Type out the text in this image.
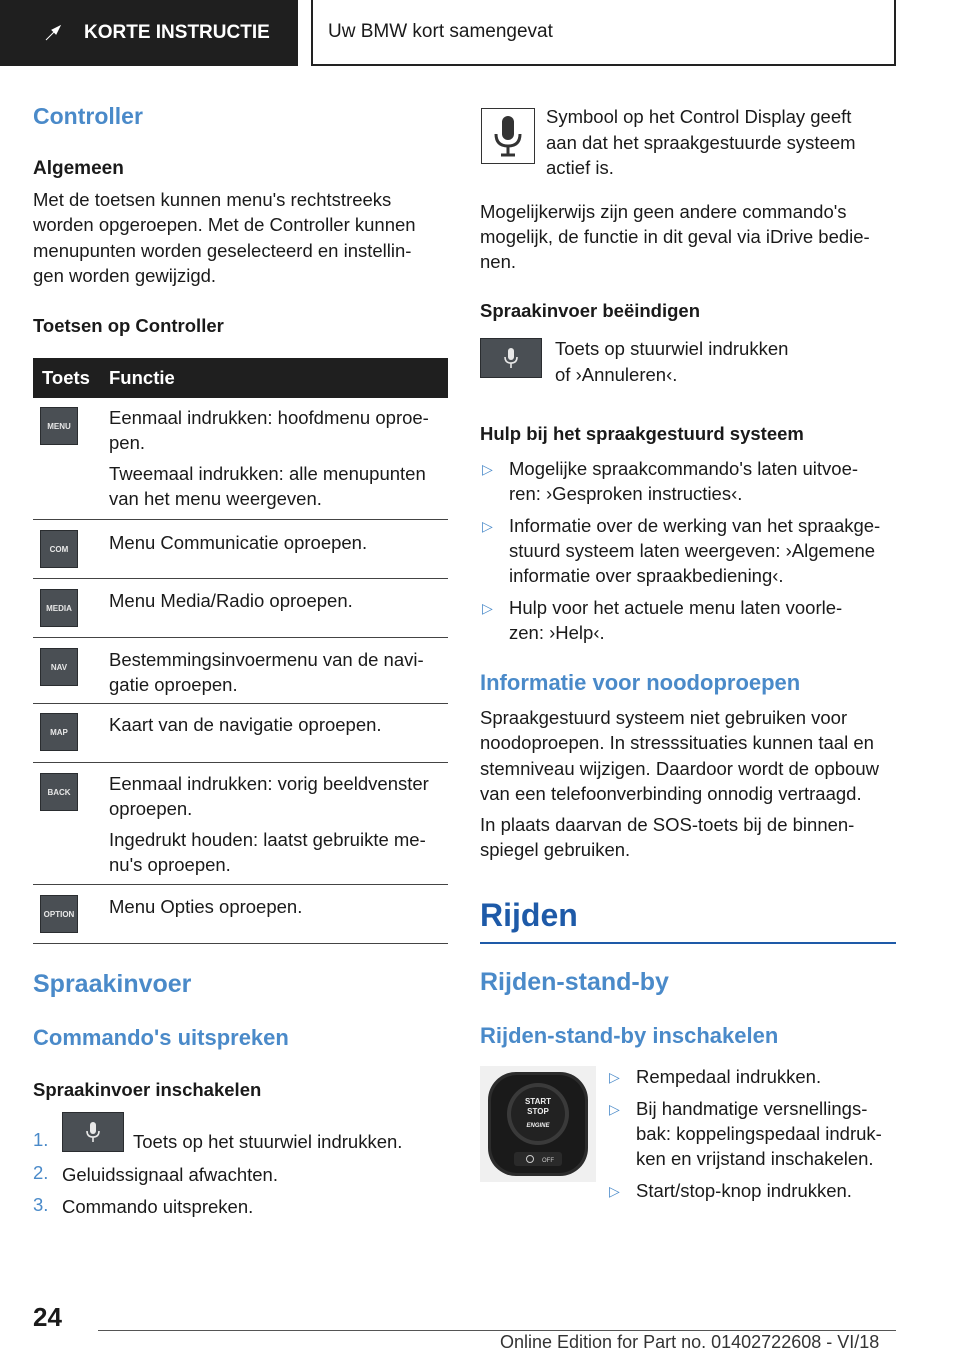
KORTE INSTRUCTIE	Uw BMW kort samengevat
Controller
Algemeen
Met de toetsen kunnen menu's rechtstreeks
worden opgeroepen. Met de Controller kunnen
menupunten worden geselecteerd en instellin‐
gen worden gewijzigd.
Toetsen op Controller
Toets Functie
MENU	Eenmaal indrukken: hoofdmenu oproe‐pen.

Tweemaal indrukken: alle menupunten van het menu weergeven.

COM	Menu Communicatie oproepen.

MEDIA	Menu Media/Radio oproepen.

NAV	Bestemmingsinvoermenu van de navi‐gatie oproepen.

MAP	Kaart van de navigatie oproepen.

BACK	Eenmaal indrukken: vorig beeldvenster oproepen.

Ingedrukt houden: laatst gebruikte me‐nu's oproepen.

OPTION Menu Opties oproepen.

Spraakinvoer
Commando's uitspreken
Spraakinvoer inschakelen
1.	Toets op het stuurwiel indrukken.
2. Geluidssignaal afwachten.
3. Commando uitspreken.
Symbool op het Control Display geeft
aan dat het spraakgestuurde systeem
actief is.
Mogelijkerwijs zijn geen andere commando's
mogelijk, de functie in dit geval via iDrive bedie‐
nen.
Spraakinvoer beëindigen
Toets op stuurwiel indrukken
of ›Annuleren‹.
Hulp bij het spraakgestuurd systeem
▷ Mogelijke spraakcommando's laten uitvoe‐
ren: ›Gesproken instructies‹.
▷ Informatie over de werking van het spraakge‐
stuurd systeem laten weergeven: ›Algemene
informatie over spraakbediening‹.
▷ Hulp voor het actuele menu laten voorle‐
zen: ›Help‹.
Informatie voor noodoproepen
Spraakgestuurd systeem niet gebruiken voor
noodoproepen. In stresssituaties kunnen taal en
stemniveau wijzigen. Daardoor wordt de opbouw
van een telefoonverbinding onnodig vertraagd.
In plaats daarvan de SOS-toets bij de binnen‐
spiegel gebruiken.
Rijden
Rijden-stand-by
Rijden-stand-by inschakelen
START
STOP
ENGINE
OFF
▷ Rempedaal indrukken.
▷ Bij handmatige versnellings‐
bak: koppelingspedaal indruk‐
ken en vrijstand inschakelen.
▷ Start/stop-knop indrukken.
24
Online Edition for Part no. 01402722608 - VI/18
